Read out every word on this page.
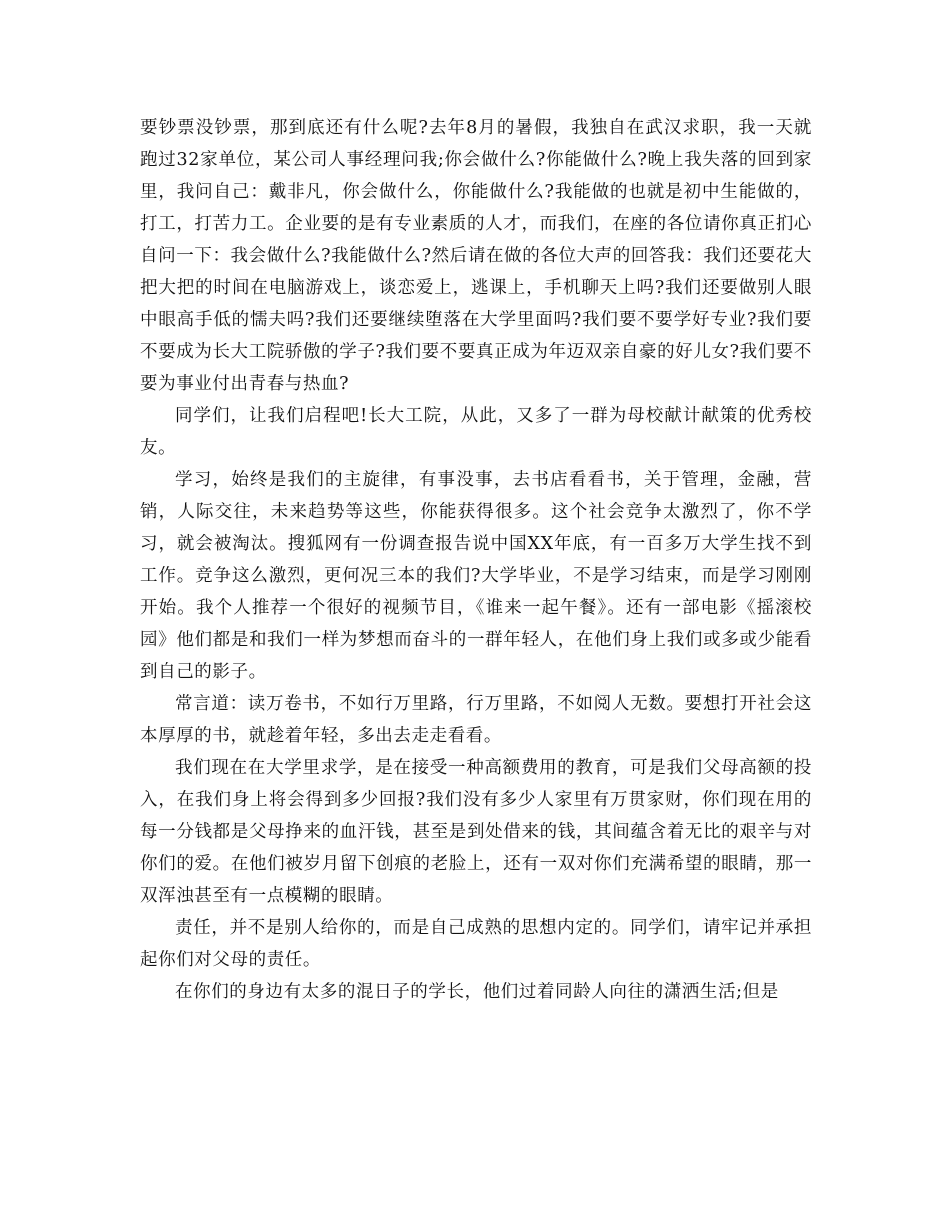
要钞票没钞票，那到底还有什么呢?去年8月的暑假，我独自在武汉求职，我一天就跑过32家单位，某公司人事经理问我;你会做什么?你能做什么?晚上我失落的回到家里，我问自己：戴非凡，你会做什么，你能做什么?我能做的也就是初中生能做的，打工，打苦力工。企业要的是有专业素质的人才，而我们，在座的各位请你真正扪心自问一下：我会做什么?我能做什么?然后请在做的各位大声的回答我：我们还要花大把大把的时间在电脑游戏上，谈恋爱上，逃课上，手机聊天上吗?我们还要做别人眼中眼高手低的懦夫吗?我们还要继续堕落在大学里面吗?我们要不要学好专业?我们要不要成为长大工院骄傲的学子?我们要不要真正成为年迈双亲自豪的好儿女?我们要不要为事业付出青春与热血?

同学们，让我们启程吧!长大工院，从此，又多了一群为母校献计献策的优秀校友。

学习，始终是我们的主旋律，有事没事，去书店看看书，关于管理，金融，营销，人际交往，未来趋势等这些，你能获得很多。这个社会竞争太激烈了，你不学习，就会被淘汰。搜狐网有一份调查报告说中国XX年底，有一百多万大学生找不到工作。竞争这么激烈，更何况三本的我们?大学毕业，不是学习结束，而是学习刚刚开始。我个人推荐一个很好的视频节目，《谁来一起午餐》。还有一部电影《摇滚校园》他们都是和我们一样为梦想而奋斗的一群年轻人，在他们身上我们或多或少能看到自己的影子。

常言道：读万卷书，不如行万里路，行万里路，不如阅人无数。要想打开社会这本厚厚的书，就趁着年轻，多出去走走看看。

我们现在在大学里求学，是在接受一种高额费用的教育，可是我们父母高额的投入，在我们身上将会得到多少回报?我们没有多少人家里有万贯家财，你们现在用的每一分钱都是父母挣来的血汗钱，甚至是到处借来的钱，其间蕴含着无比的艰辛与对你们的爱。在他们被岁月留下创痕的老脸上，还有一双对你们充满希望的眼睛，那一双浑浊甚至有一点模糊的眼睛。

责任，并不是别人给你的，而是自己成熟的思想内定的。同学们，请牢记并承担起你们对父母的责任。

在你们的身边有太多的混日子的学长，他们过着同龄人向往的潇洒生活;但是
